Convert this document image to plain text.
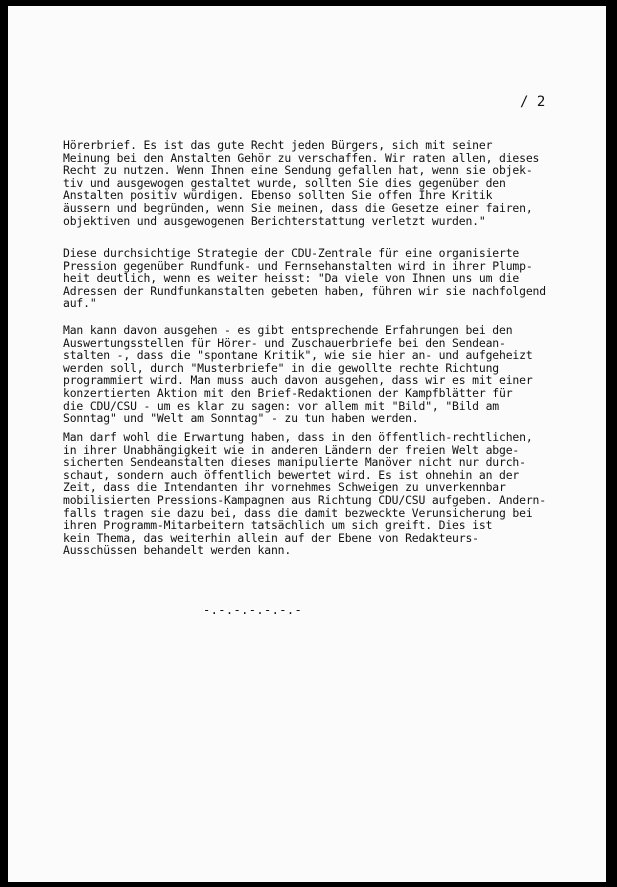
/ 2

Hörerbrief. Es ist das gute Recht jeden Bürgers, sich mit seiner
Meinung bei den Anstalten Gehör zu verschaffen. Wir raten allen, dieses
Recht zu nutzen. Wenn Ihnen eine Sendung gefallen hat, wenn sie objek-
tiv und ausgewogen gestaltet wurde, sollten Sie dies gegenüber den
Anstalten positiv würdigen. Ebenso sollten Sie offen Ihre Kritik
äussern und begründen, wenn Sie meinen, dass die Gesetze einer fairen,
objektiven und ausgewogenen Berichterstattung verletzt wurden."

Diese durchsichtige Strategie der CDU-Zentrale für eine organisierte
Pression gegenüber Rundfunk- und Fernsehanstalten wird in ihrer Plump-
heit deutlich, wenn es weiter heisst: "Da viele von Ihnen uns um die
Adressen der Rundfunkanstalten gebeten haben, führen wir sie nachfolgend
auf."

Man kann davon ausgehen - es gibt entsprechende Erfahrungen bei den
Auswertungsstellen für Hörer- und Zuschauerbriefe bei den Sendean-
stalten -, dass die "spontane Kritik", wie sie hier an- und aufgeheizt
werden soll, durch "Musterbriefe" in die gewollte rechte Richtung
programmiert wird. Man muss auch davon ausgehen, dass wir es mit einer
konzertierten Aktion mit den Brief-Redaktionen der Kampfblätter für
die CDU/CSU - um es klar zu sagen: vor allem mit "Bild", "Bild am
Sonntag" und "Welt am Sonntag" - zu tun haben werden.

Man darf wohl die Erwartung haben, dass in den öffentlich-rechtlichen,
in ihrer Unabhängigkeit wie in anderen Ländern der freien Welt abge-
sicherten Sendeanstalten dieses manipulierte Manöver nicht nur durch-
schaut, sondern auch öffentlich bewertet wird. Es ist ohnehin an der
Zeit, dass die Intendanten ihr vornehmes Schweigen zu unverkennbar
mobilisierten Pressions-Kampagnen aus Richtung CDU/CSU aufgeben. Andern-
falls tragen sie dazu bei, dass die damit bezweckte Verunsicherung bei
ihren Programm-Mitarbeitern tatsächlich um sich greift. Dies ist
kein Thema, das weiterhin allein auf der Ebene von Redakteurs-
Ausschüssen behandelt werden kann.

-.-.-.-.-.-.-
